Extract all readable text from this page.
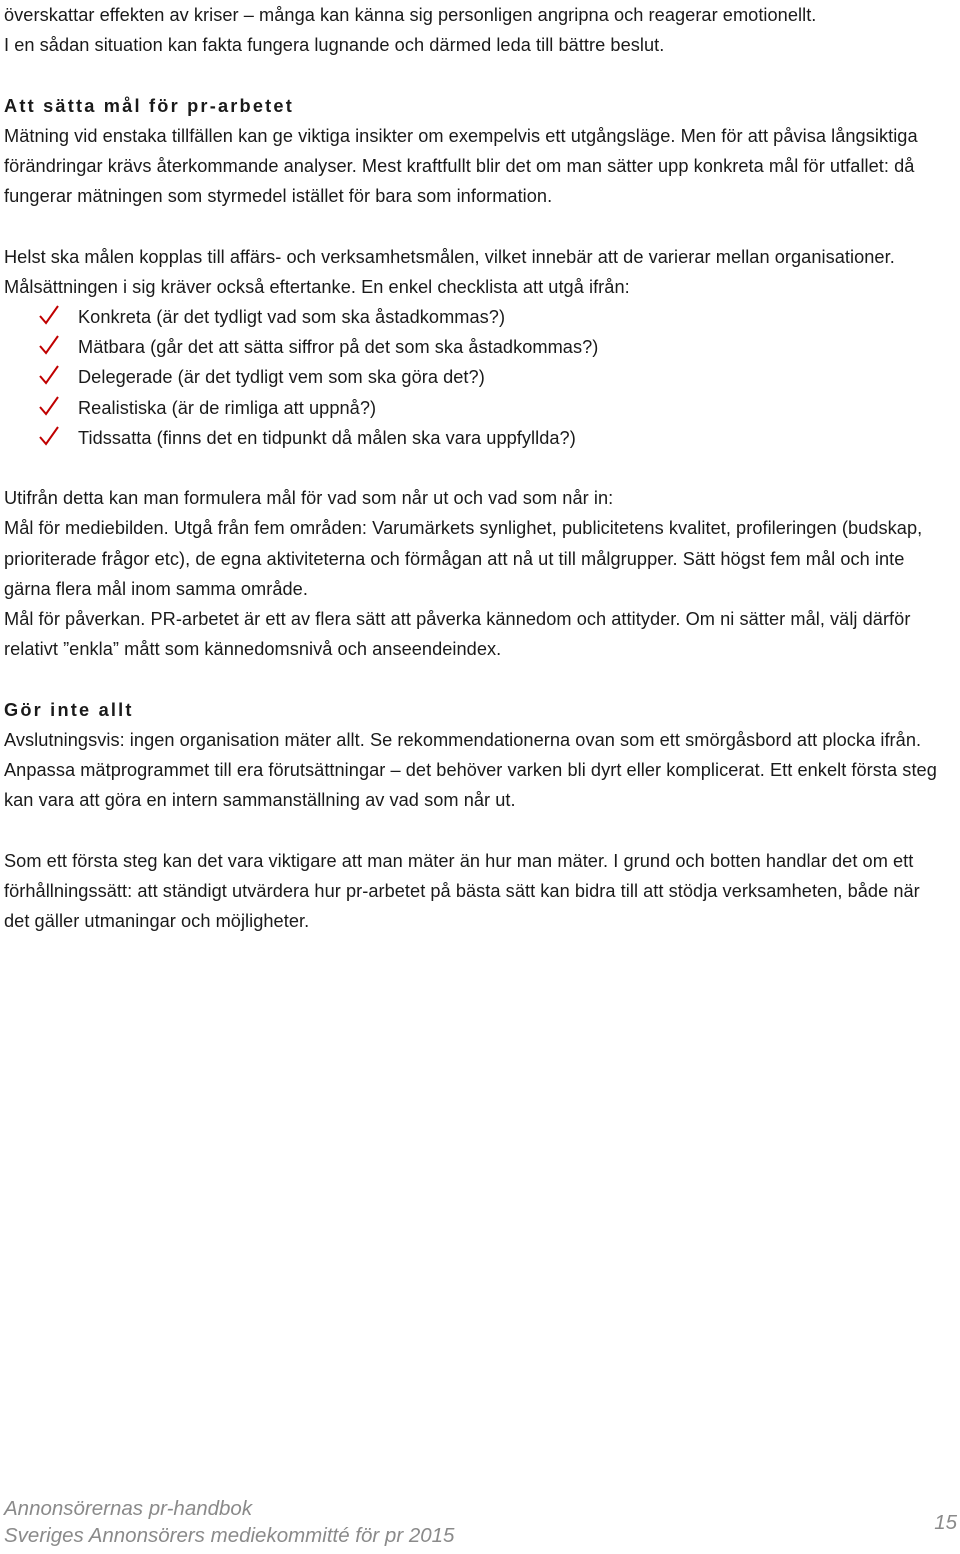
överskattar effekten av kriser – många kan känna sig personligen angripna och reagerar emotionellt.

I en sådan situation kan fakta fungera lugnande och därmed leda till bättre beslut.

Att sätta mål för pr-arbetet

Mätning vid enstaka tillfällen kan ge viktiga insikter om exempelvis ett utgångsläge. Men för att påvisa långsiktiga förändringar krävs återkommande analyser. Mest kraftfullt blir det om man sätter upp konkreta mål för utfallet: då fungerar mätningen som styrmedel istället för bara som information.

Helst ska målen kopplas till affärs- och verksamhetsmålen, vilket innebär att de varierar mellan organisationer. Målsättningen i sig kräver också eftertanke. En enkel checklista att utgå ifrån:

Konkreta (är det tydligt vad som ska åstadkommas?)
Mätbara (går det att sätta siffror på det som ska åstadkommas?)
Delegerade (är det tydligt vem som ska göra det?)
Realistiska (är de rimliga att uppnå?)
Tidssatta (finns det en tidpunkt då målen ska vara uppfyllda?)

Utifrån detta kan man formulera mål för vad som når ut och vad som når in:

Mål för mediebilden. Utgå från fem områden: Varumärkets synlighet, publicitetens kvalitet, profileringen (budskap, prioriterade frågor etc), de egna aktiviteterna och förmågan att nå ut till målgrupper. Sätt högst fem mål och inte gärna flera mål inom samma område.

Mål för påverkan. PR-arbetet är ett av flera sätt att påverka kännedom och attityder. Om ni sätter mål, välj därför relativt ”enkla” mått som kännedomsnivå och anseendeindex.

Gör inte allt

Avslutningsvis: ingen organisation mäter allt. Se rekommendationerna ovan som ett smörgåsbord att plocka ifrån. Anpassa mätprogrammet till era förutsättningar – det behöver varken bli dyrt eller komplicerat. Ett enkelt första steg kan vara att göra en intern sammanställning av vad som når ut.

Som ett första steg kan det vara viktigare att man mäter än hur man mäter. I grund och botten handlar det om ett förhållningssätt: att ständigt utvärdera hur pr-arbetet på bästa sätt kan bidra till att stödja verksamheten, både när det gäller utmaningar och möjligheter.

Annonsörernas pr-handbok

Sveriges Annonsörers mediekommitté för pr 2015

15
